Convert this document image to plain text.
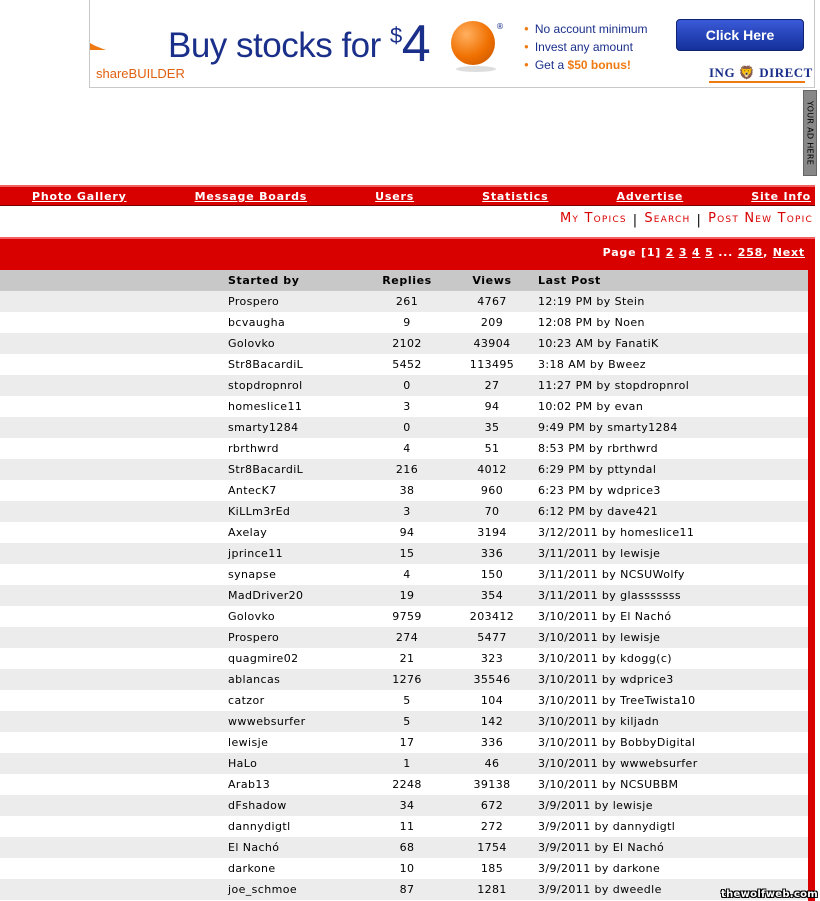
Buy stocks for $4
shareBUILDER
®
●	No account minimum
● Invest any amount
● Get a $50 bonus!
Click Here
ING 🦁 DIRECT
YOUR AD HERE
Photo Gallery	Message Boards	Users	Statistics	Advertise	Site Info
My Topics | Search | Post New Topic
Page [1] 2 3 4 5 ... 258, Next
Started by	Replies	Views	Last Post
Prospero	261	4767	12:19 PM by Stein
bcvaugha	9	209	12:08 PM by Noen
Golovko	2102	43904	10:23 AM by FanatiK
Str8BacardiL	5452	113495	3:18 AM by Bweez
stopdropnrol	0	27	11:27 PM by stopdropnrol
homeslice11	3	94	10:02 PM by evan
smarty1284	0	35	9:49 PM by smarty1284
rbrthwrd	4	51	8:53 PM by rbrthwrd
Str8BacardiL	216	4012	6:29 PM by pttyndal
AntecK7	38	960	6:23 PM by wdprice3
KiLLm3rEd	3	70	6:12 PM by dave421
Axelay	94	3194	3/12/2011 by homeslice11
jprince11	15	336	3/11/2011 by lewisje
synapse	4	150	3/11/2011 by NCSUWolfy
MadDriver20	19	354	3/11/2011 by glasssssss
Golovko	9759	203412	3/10/2011 by El Nachó
Prospero	274	5477	3/10/2011 by lewisje
quagmire02	21	323	3/10/2011 by kdogg(c)
ablancas	1276	35546	3/10/2011 by wdprice3
catzor	5	104	3/10/2011 by TreeTwista10
wwwebsurfer	5	142	3/10/2011 by kiljadn
lewisje	17	336	3/10/2011 by BobbyDigital
HaLo	1	46	3/10/2011 by wwwebsurfer
Arab13	2248	39138	3/10/2011 by NCSUBBM
dFshadow	34	672	3/9/2011 by lewisje
dannydigtl	11	272	3/9/2011 by dannydigtl
El Nachó	68	1754	3/9/2011 by El Nachó
darkone	10	185	3/9/2011 by darkone
joe_schmoe	87	1281	3/9/2011 by dweedle	thewolfweb.com
